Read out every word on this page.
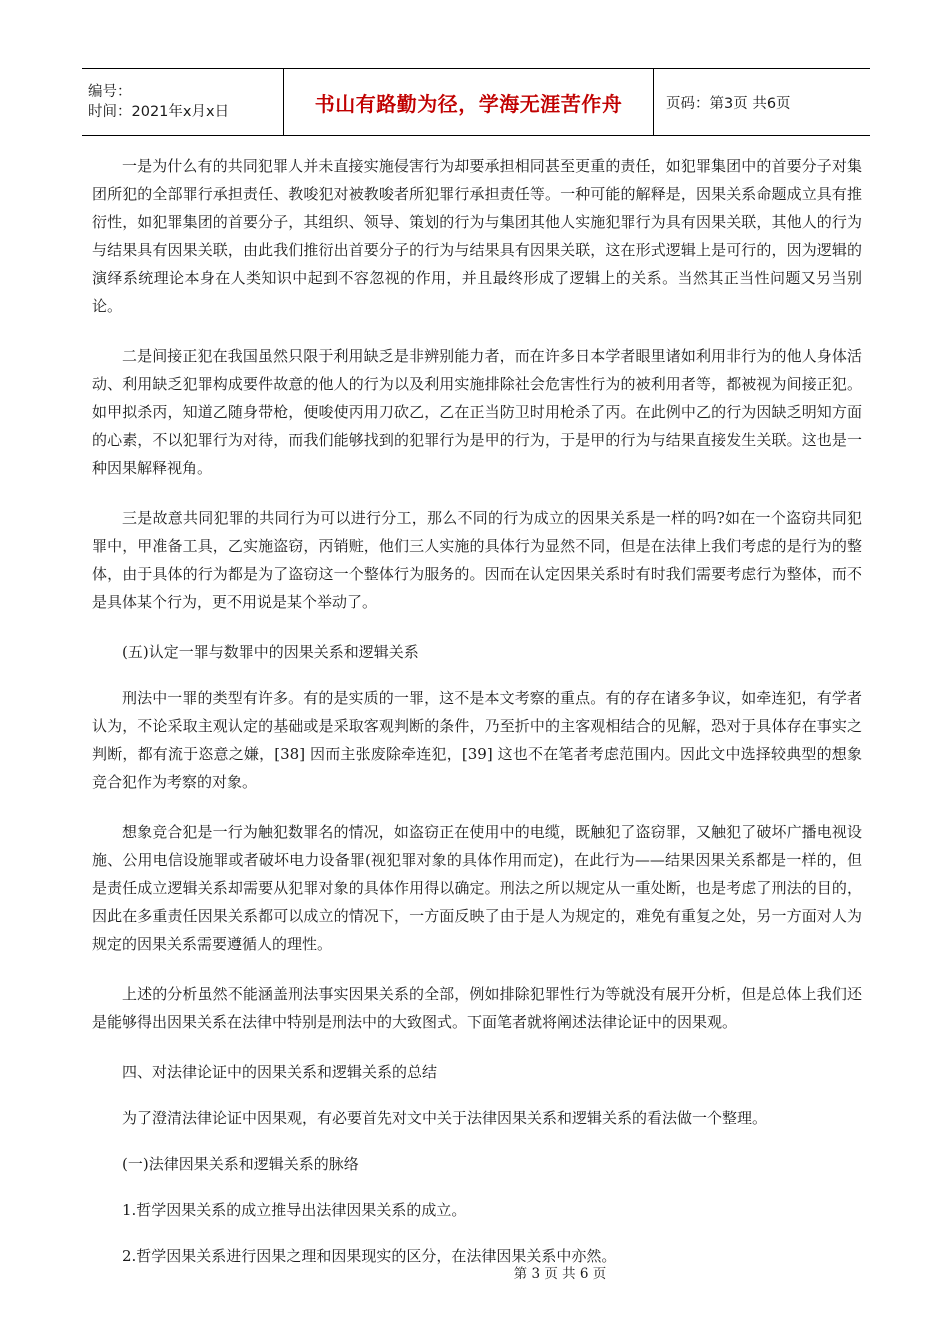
编号：
时间：2021年x月x日	书山有路勤为径，学海无涯苦作舟	页码：第3页 共6页

一是为什么有的共同犯罪人并未直接实施侵害行为却要承担相同甚至更重的责任，如犯罪集团中的首要分子对集团所犯的全部罪行承担责任、教唆犯对被教唆者所犯罪行承担责任等。一种可能的解释是，因果关系命题成立具有推衍性，如犯罪集团的首要分子，其组织、领导、策划的行为与集团其他人实施犯罪行为具有因果关联，其他人的行为与结果具有因果关联，由此我们推衍出首要分子的行为与结果具有因果关联，这在形式逻辑上是可行的，因为逻辑的演绎系统理论本身在人类知识中起到不容忽视的作用，并且最终形成了逻辑上的关系。当然其正当性问题又另当别论。

二是间接正犯在我国虽然只限于利用缺乏是非辨别能力者，而在许多日本学者眼里诸如利用非行为的他人身体活动、利用缺乏犯罪构成要件故意的他人的行为以及利用实施排除社会危害性行为的被利用者等，都被视为间接正犯。如甲拟杀丙，知道乙随身带枪，便唆使丙用刀砍乙，乙在正当防卫时用枪杀了丙。在此例中乙的行为因缺乏明知方面的心素，不以犯罪行为对待，而我们能够找到的犯罪行为是甲的行为，于是甲的行为与结果直接发生关联。这也是一种因果解释视角。

三是故意共同犯罪的共同行为可以进行分工，那么不同的行为成立的因果关系是一样的吗?如在一个盗窃共同犯罪中，甲准备工具，乙实施盗窃，丙销赃，他们三人实施的具体行为显然不同，但是在法律上我们考虑的是行为的整体，由于具体的行为都是为了盗窃这一个整体行为服务的。因而在认定因果关系时有时我们需要考虑行为整体，而不是具体某个行为，更不用说是某个举动了。

(五)认定一罪与数罪中的因果关系和逻辑关系

刑法中一罪的类型有许多。有的是实质的一罪，这不是本文考察的重点。有的存在诸多争议，如牵连犯，有学者认为，不论采取主观认定的基础或是采取客观判断的条件，乃至折中的主客观相结合的见解，恐对于具体存在事实之判断，都有流于恣意之嫌，[38] 因而主张废除牵连犯，[39] 这也不在笔者考虑范围内。因此文中选择较典型的想象竞合犯作为考察的对象。

想象竞合犯是一行为触犯数罪名的情况，如盗窃正在使用中的电缆，既触犯了盗窃罪，又触犯了破坏广播电视设施、公用电信设施罪或者破坏电力设备罪(视犯罪对象的具体作用而定)，在此行为——结果因果关系都是一样的，但是责任成立逻辑关系却需要从犯罪对象的具体作用得以确定。刑法之所以规定从一重处断，也是考虑了刑法的目的，因此在多重责任因果关系都可以成立的情况下，一方面反映了由于是人为规定的，难免有重复之处，另一方面对人为规定的因果关系需要遵循人的理性。

上述的分析虽然不能涵盖刑法事实因果关系的全部，例如排除犯罪性行为等就没有展开分析，但是总体上我们还是能够得出因果关系在法律中特别是刑法中的大致图式。下面笔者就将阐述法律论证中的因果观。

四、对法律论证中的因果关系和逻辑关系的总结

为了澄清法律论证中因果观，有必要首先对文中关于法律因果关系和逻辑关系的看法做一个整理。

(一)法律因果关系和逻辑关系的脉络

1.哲学因果关系的成立推导出法律因果关系的成立。

2.哲学因果关系进行因果之理和因果现实的区分，在法律因果关系中亦然。

第 3 页 共 6 页
